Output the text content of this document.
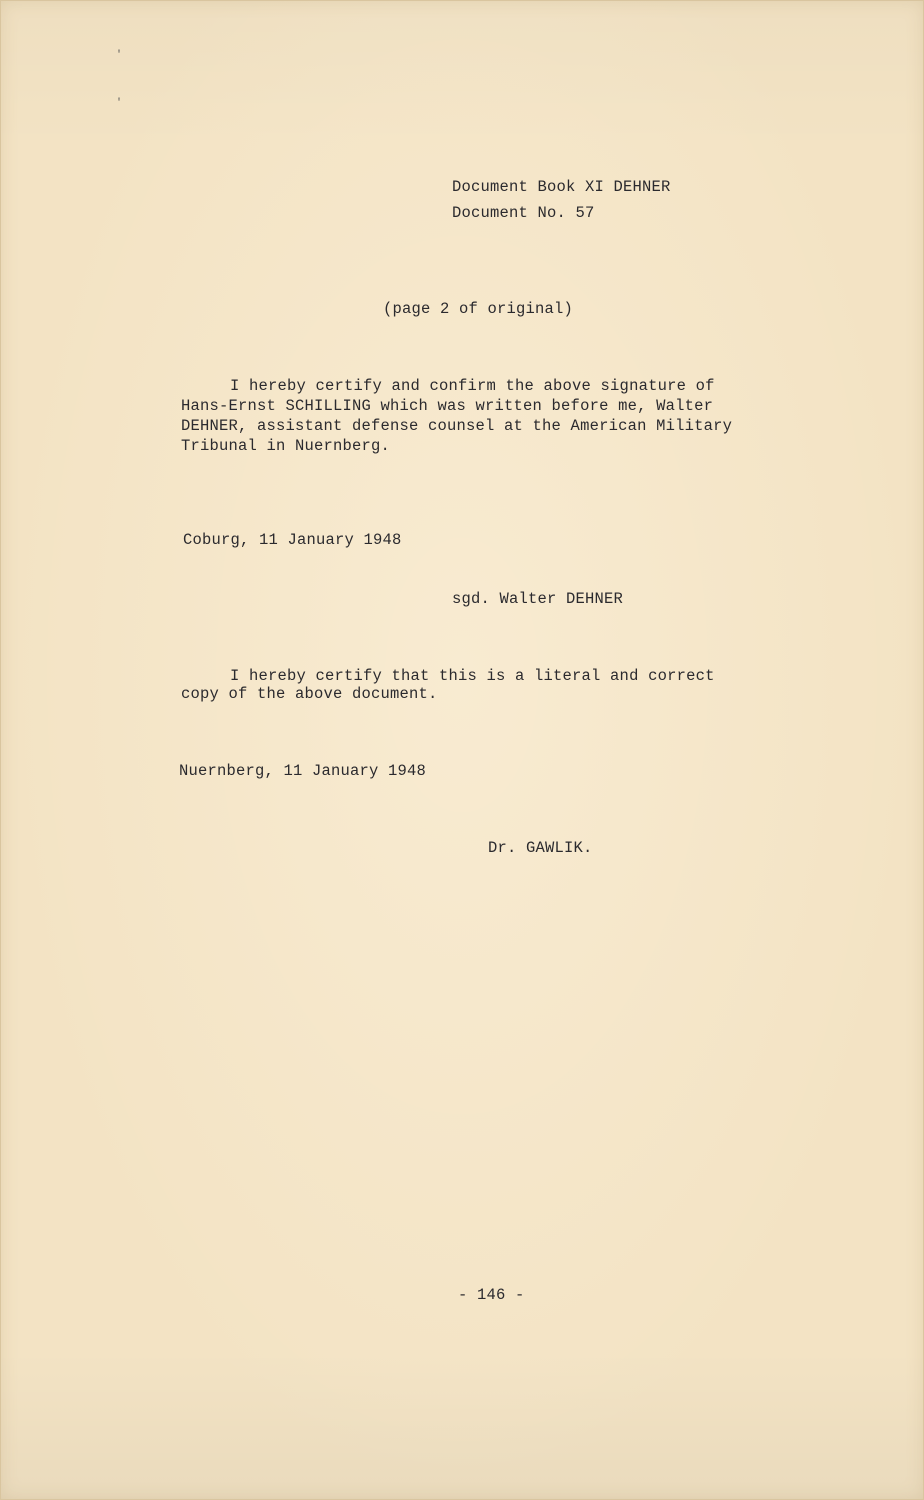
'
'
Document Book XI DEHNER
Document No. 57
(page 2 of original)
I hereby certify and confirm the above signature of
Hans-Ernst SCHILLING which was written before me, Walter
DEHNER, assistant defense counsel at the American Military
Tribunal in Nuernberg.
Coburg, 11 January 1948
sgd. Walter DEHNER
I hereby certify that this is a literal and correct
copy of the above document.
Nuernberg, 11 January 1948
Dr. GAWLIK.
- 146 -
